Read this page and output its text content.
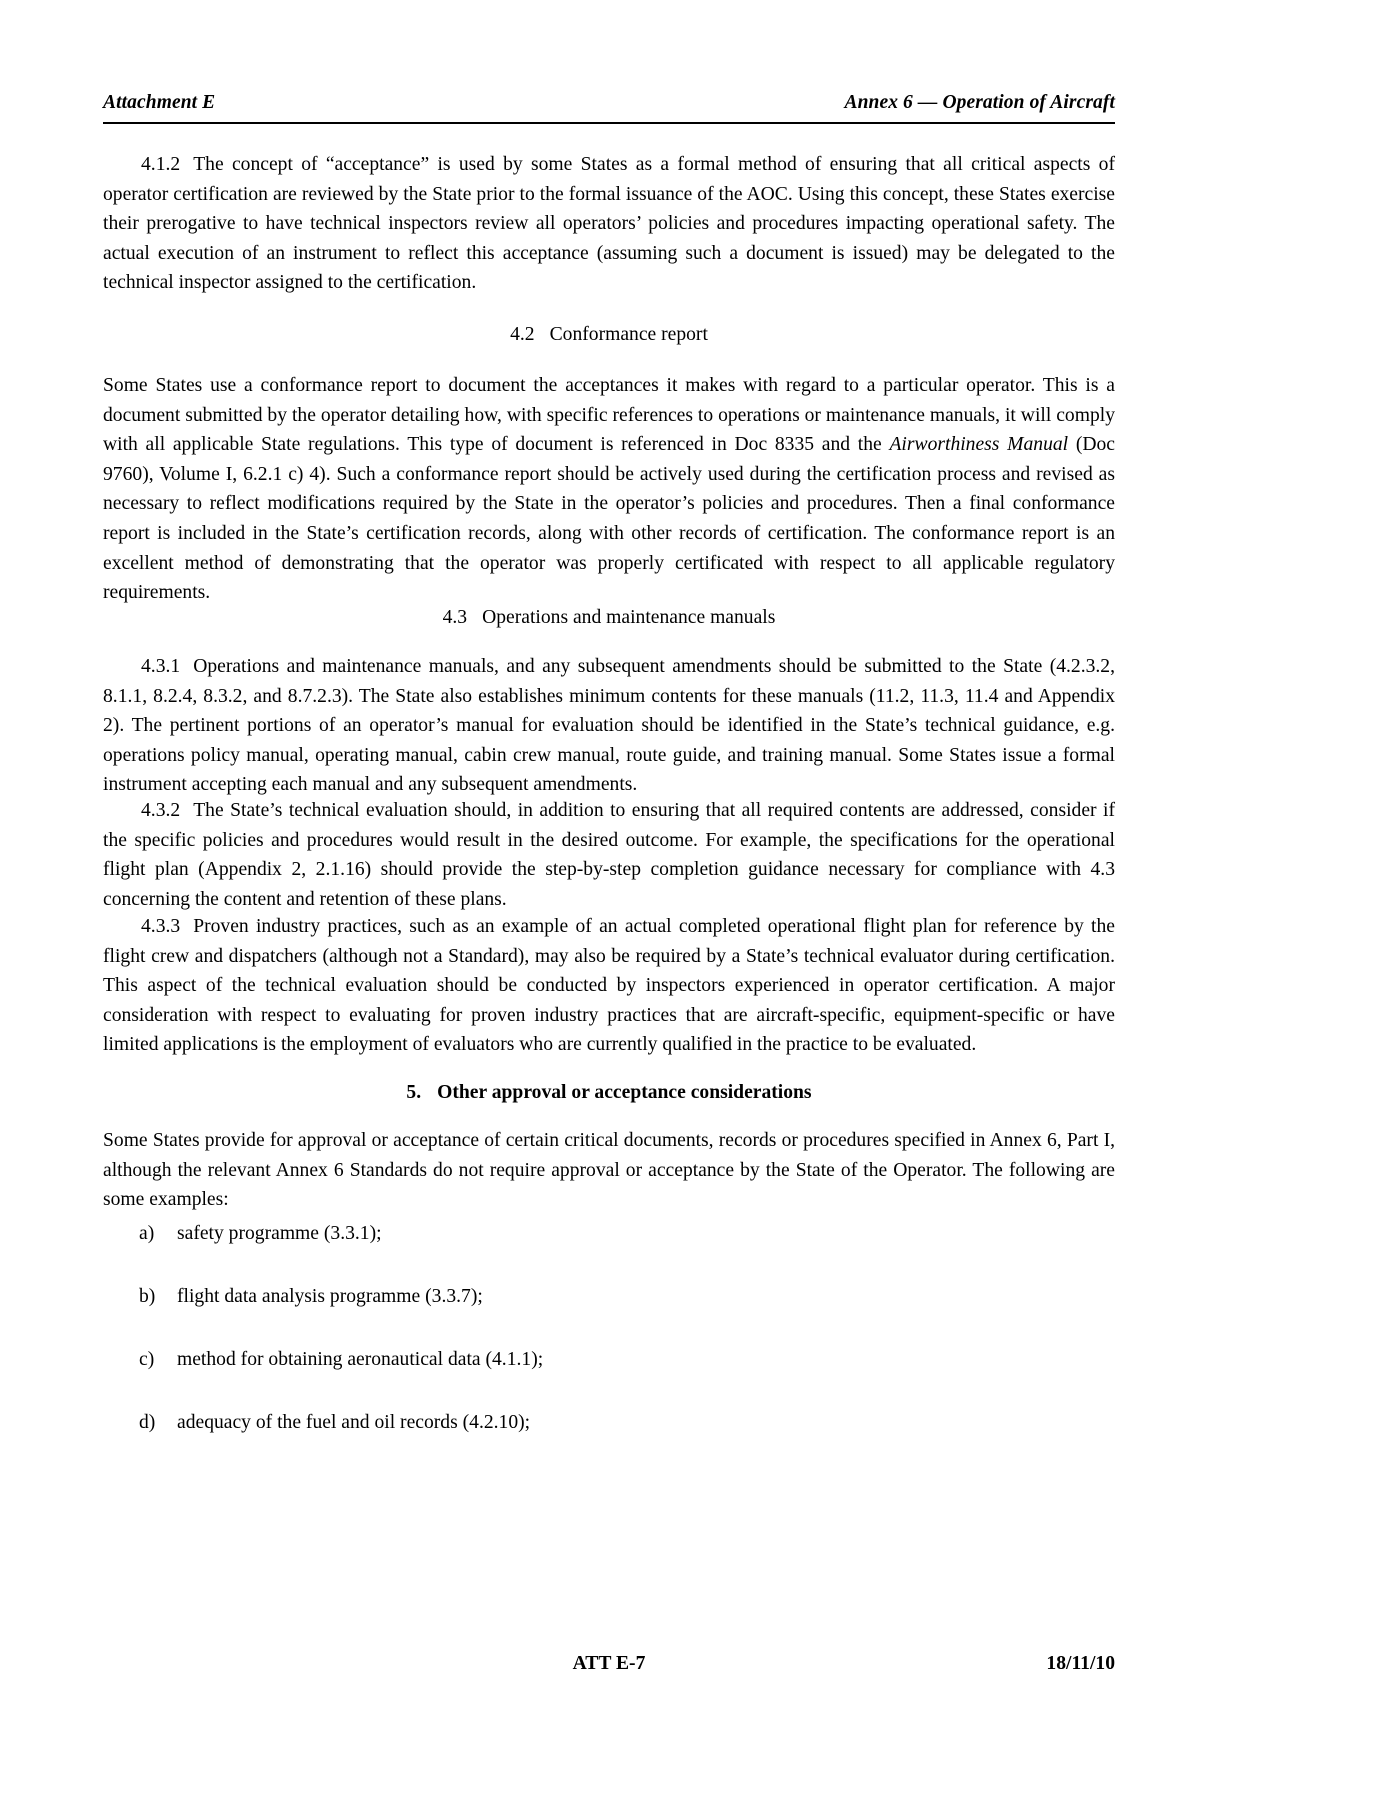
Attachment E	Annex 6 — Operation of Aircraft
4.1.2 The concept of “acceptance” is used by some States as a formal method of ensuring that all critical aspects of operator certification are reviewed by the State prior to the formal issuance of the AOC. Using this concept, these States exercise their prerogative to have technical inspectors review all operators’ policies and procedures impacting operational safety. The actual execution of an instrument to reflect this acceptance (assuming such a document is issued) may be delegated to the technical inspector assigned to the certification.
4.2 Conformance report
Some States use a conformance report to document the acceptances it makes with regard to a particular operator. This is a document submitted by the operator detailing how, with specific references to operations or maintenance manuals, it will comply with all applicable State regulations. This type of document is referenced in Doc 8335 and the Airworthiness Manual (Doc 9760), Volume I, 6.2.1 c) 4). Such a conformance report should be actively used during the certification process and revised as necessary to reflect modifications required by the State in the operator’s policies and procedures. Then a final conformance report is included in the State’s certification records, along with other records of certification. The conformance report is an excellent method of demonstrating that the operator was properly certificated with respect to all applicable regulatory requirements.
4.3 Operations and maintenance manuals
4.3.1 Operations and maintenance manuals, and any subsequent amendments should be submitted to the State (4.2.3.2, 8.1.1, 8.2.4, 8.3.2, and 8.7.2.3). The State also establishes minimum contents for these manuals (11.2, 11.3, 11.4 and Appendix 2). The pertinent portions of an operator’s manual for evaluation should be identified in the State’s technical guidance, e.g. operations policy manual, operating manual, cabin crew manual, route guide, and training manual. Some States issue a formal instrument accepting each manual and any subsequent amendments.
4.3.2 The State’s technical evaluation should, in addition to ensuring that all required contents are addressed, consider if the specific policies and procedures would result in the desired outcome. For example, the specifications for the operational flight plan (Appendix 2, 2.1.16) should provide the step-by-step completion guidance necessary for compliance with 4.3 concerning the content and retention of these plans.
4.3.3 Proven industry practices, such as an example of an actual completed operational flight plan for reference by the flight crew and dispatchers (although not a Standard), may also be required by a State’s technical evaluator during certification. This aspect of the technical evaluation should be conducted by inspectors experienced in operator certification. A major consideration with respect to evaluating for proven industry practices that are aircraft-specific, equipment-specific or have limited applications is the employment of evaluators who are currently qualified in the practice to be evaluated.
5. Other approval or acceptance considerations
Some States provide for approval or acceptance of certain critical documents, records or procedures specified in Annex 6, Part I, although the relevant Annex 6 Standards do not require approval or acceptance by the State of the Operator. The following are some examples:
a) safety programme (3.3.1);
b) flight data analysis programme (3.3.7);
c) method for obtaining aeronautical data (4.1.1);
d) adequacy of the fuel and oil records (4.2.10);
ATT E-7	18/11/10
